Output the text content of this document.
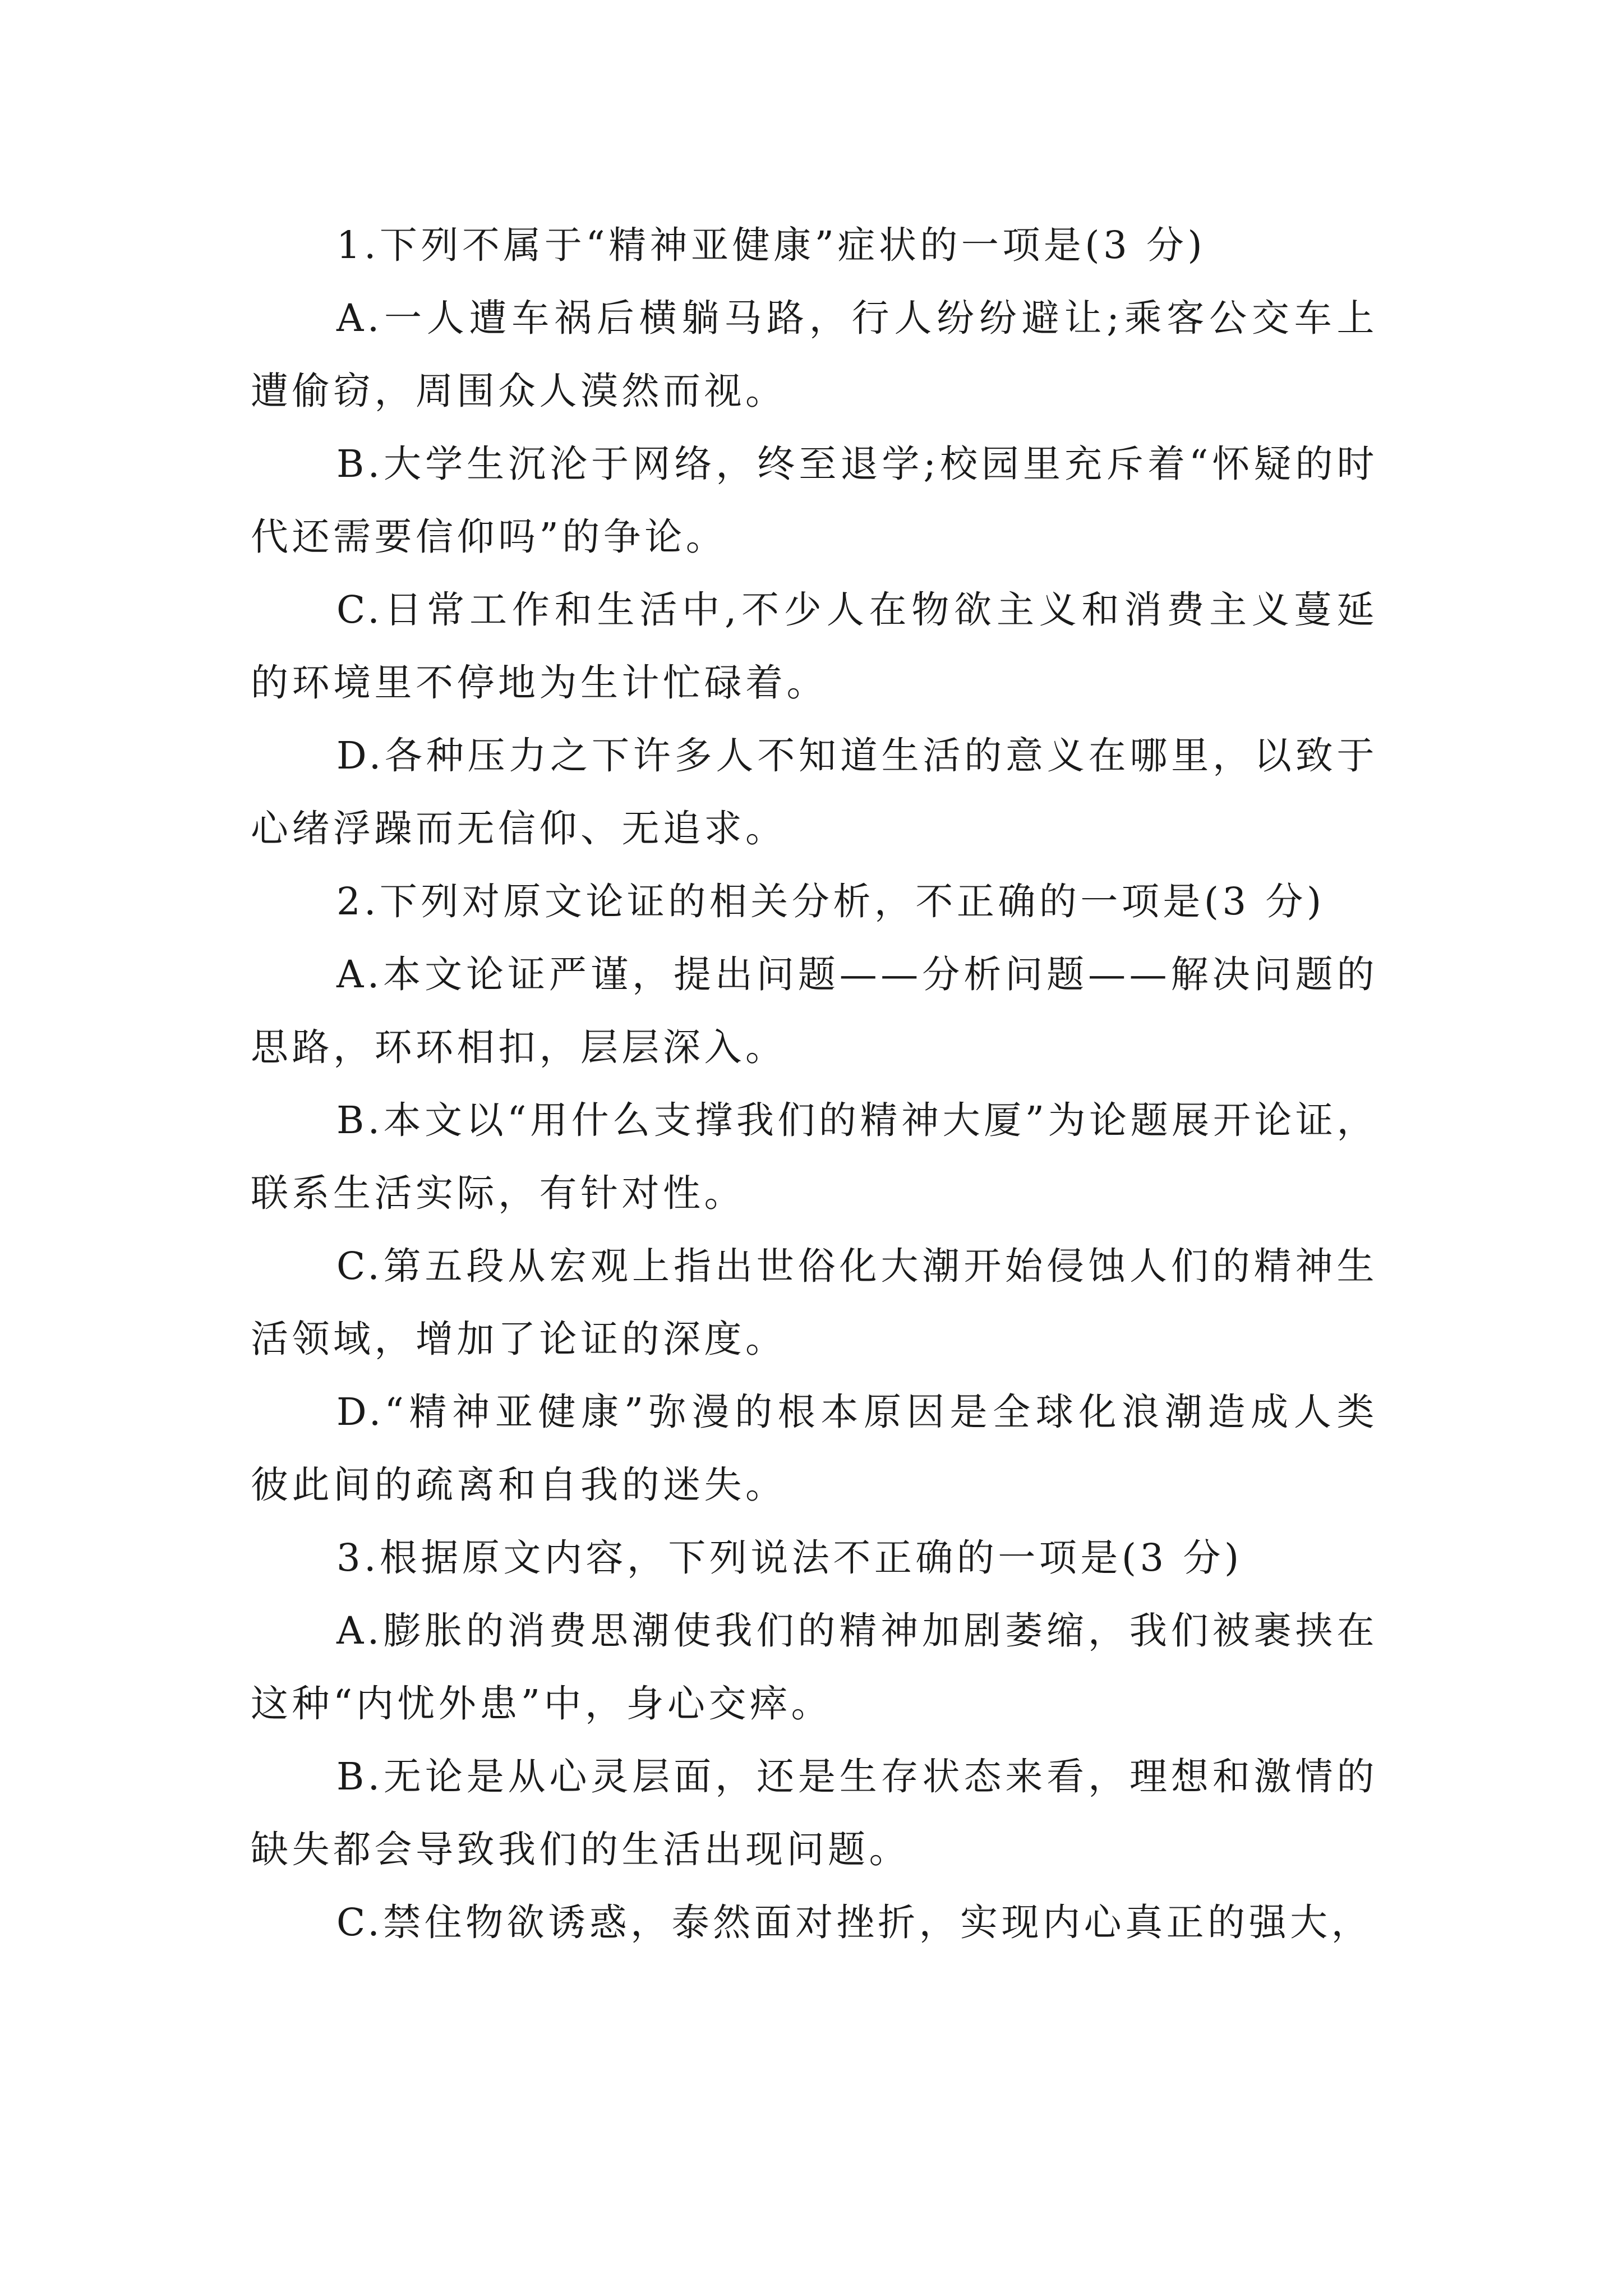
1.下列不属于“精神亚健康”症状的一项是(3 分)

A.一人遭车祸后横躺马路，行人纷纷避让;乘客公交车上遭偷窃，周围众人漠然而视。

B.大学生沉沦于网络，终至退学;校园里充斥着“怀疑的时代还需要信仰吗”的争论。

C.日常工作和生活中,不少人在物欲主义和消费主义蔓延的环境里不停地为生计忙碌着。

D.各种压力之下许多人不知道生活的意义在哪里，以致于心绪浮躁而无信仰、无追求。

2.下列对原文论证的相关分析，不正确的一项是(3 分)

A.本文论证严谨，提出问题——分析问题——解决问题的思路，环环相扣，层层深入。

B.本文以“用什么支撑我们的精神大厦”为论题展开论证，联系生活实际，有针对性。

C.第五段从宏观上指出世俗化大潮开始侵蚀人们的精神生活领域，增加了论证的深度。

D.“精神亚健康”弥漫的根本原因是全球化浪潮造成人类彼此间的疏离和自我的迷失。

3.根据原文内容，下列说法不正确的一项是(3 分)

A.膨胀的消费思潮使我们的精神加剧萎缩，我们被裹挟在这种“内忧外患”中，身心交瘁。

B.无论是从心灵层面，还是生存状态来看，理想和激情的缺失都会导致我们的生活出现问题。

C.禁住物欲诱惑，泰然面对挫折，实现内心真正的强大，
